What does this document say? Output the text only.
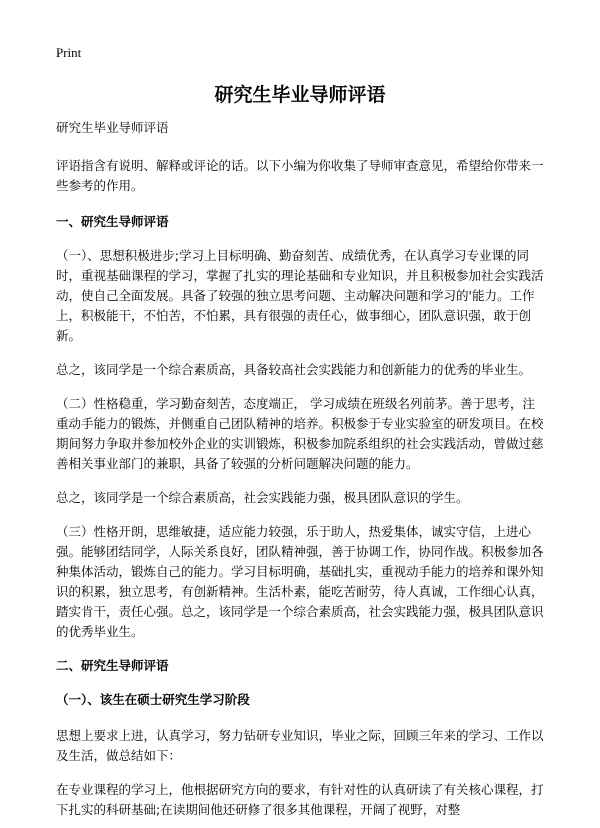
Print
研究生毕业导师评语

研究生毕业导师评语

评语指含有说明、解释或评论的话。以下小编为你收集了导师审查意见，希望给你带来一些参考的作用。

一、研究生导师评语

（一）、思想积极进步;学习上目标明确、勤奋刻苦、成绩优秀，在认真学习专业课的同时，重视基础课程的学习，掌握了扎实的理论基础和专业知识，并且积极参加社会实践活动，使自己全面发展。具备了较强的独立思考问题、主动解决问题和学习的'能力。工作上，积极能干，不怕苦，不怕累，具有很强的责任心，做事细心，团队意识强，敢于创新。

总之，该同学是一个综合素质高，具备较高社会实践能力和创新能力的优秀的毕业生。

（二）性格稳重，学习勤奋刻苦，态度端正， 学习成绩在班级名列前茅。善于思考，注重动手能力的锻炼，并侧重自己团队精神的培养。积极参于专业实验室的研发项目。在校期间努力争取并参加校外企业的实训锻炼，积极参加院系组织的社会实践活动，曾做过慈善相关事业部门的兼职，具备了较强的分析问题解决问题的能力。

总之，该同学是一个综合素质高，社会实践能力强，极具团队意识的学生。

（三）性格开朗，思维敏捷，适应能力较强，乐于助人，热爱集体，诚实守信，上进心强。能够团结同学，人际关系良好，团队精神强，善于协调工作，协同作战。积极参加各种集体活动，锻炼自己的能力。学习目标明确，基础扎实，重视动手能力的培养和课外知识的积累，独立思考，有创新精神。生活朴素，能吃苦耐劳，待人真诚，工作细心认真，踏实肯干，责任心强。总之，该同学是一个综合素质高，社会实践能力强，极具团队意识的优秀毕业生。

二、研究生导师评语
（一）、该生在硕士研究生学习阶段

思想上要求上进，认真学习，努力钻研专业知识，毕业之际，回顾三年来的学习、工作以及生活，做总结如下：

在专业课程的学习上，他根据研究方向的要求，有针对性的认真研读了有关核心课程，打下扎实的科研基础;在读期间他还研修了很多其他课程，开阔了视野，对整
